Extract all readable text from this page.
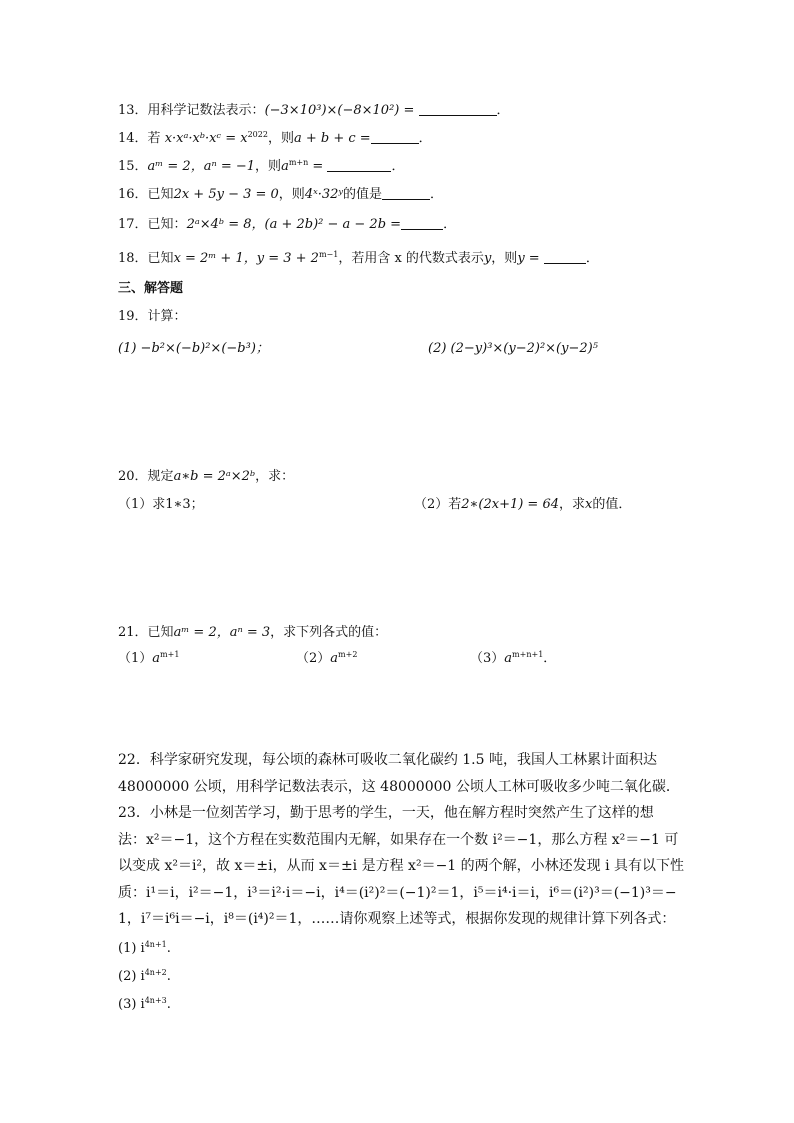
13．用科学记数法表示：(−3×10³)×(−8×10²) =	．
14．若 x·xᵃ·xᵇ·xᶜ = $x^{2022}$，则a + b + c =	．
15．aᵐ = 2，aⁿ = −1，则$a^{m+n}$ =	．
16．已知2x + 5y − 3 = 0，则4ˣ·32ʸ的值是	．
17．已知：2ᵃ×4ᵇ = 8，(a + 2b)² − a − 2b =	．
18．已知x = 2ᵐ + 1，$y = 3 + 2^{m-1}$，若用含 x 的代数式表示y，则y =	．
三、解答题
19．计算：
(1) −b²×(−b)²×(−b³)；	(2) (2−y)³×(y−2)²×(y−2)⁵
20．规定a∗b = 2ᵃ×2ᵇ，求：
（1）求1∗3；	（2）若2∗(2x+1) = 64，求x的值．
21．已知aᵐ = 2，aⁿ = 3，求下列各式的值：
$(1)a^{m+1}$	$(2)a^{m+2}$	$(3)a^{m+n+1}$．
22．科学家研究发现，每公顷的森林可吸收二氧化碳约 1.5 吨，我国人工林累计面积达
48000000 公顷，用科学记数法表示，这 48000000 公顷人工林可吸收多少吨二氧化碳．
23．小林是一位刻苦学习，勤于思考的学生，一天，他在解方程时突然产生了这样的想
法：x²＝−1，这个方程在实数范围内无解，如果存在一个数 i²＝−1，那么方程 x²＝−1 可
以变成 x²＝i²，故 x＝±i，从而 x＝±i 是方程 x²＝−1 的两个解，小林还发现 i 具有以下性
质：i¹＝i，i²＝−1，i³＝i²·i＝−i，i⁴＝(i²)²＝(−1)²＝1，i⁵＝i⁴·i＝i，i⁶＝(i²)³＝(−1)³＝−
1，i⁷＝i⁶i＝−i，i⁸＝(i⁴)²＝1，……请你观察上述等式，根据你发现的规律计算下列各式：
(1) $i^{4n+1}$.
(2) $i^{4n+2}$.
(3) $i^{4n+3}$.
